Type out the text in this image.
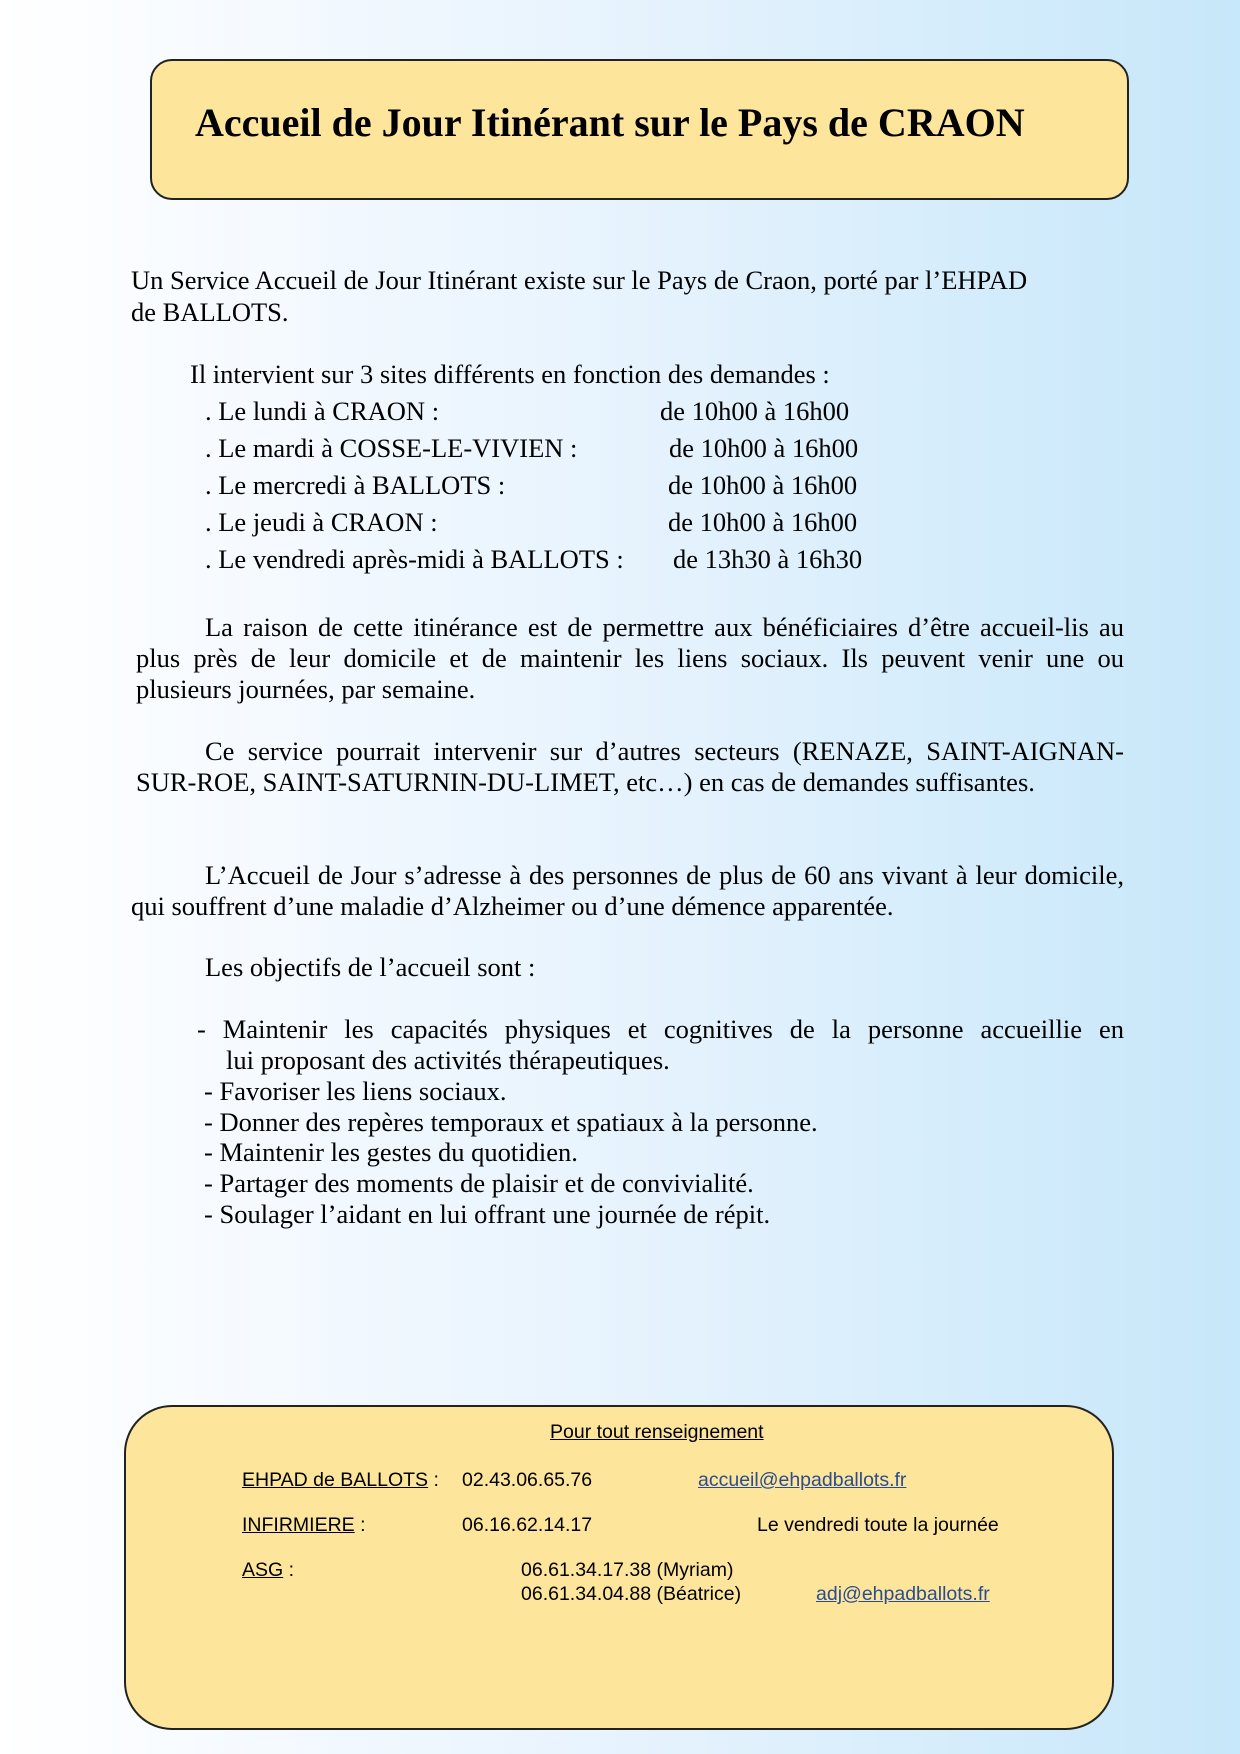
Accueil de Jour Itinérant sur le Pays de CRAON

Un Service Accueil de Jour Itinérant existe sur le Pays de Craon, porté par l’EHPAD

de BALLOTS.

Il intervient sur 3 sites différents en fonction des demandes :

. Le lundi à CRAON :	de 10h00 à 16h00
. Le mardi à COSSE-LE-VIVIEN :	de 10h00 à 16h00
. Le mercredi à BALLOTS :	de 10h00 à 16h00
. Le jeudi à CRAON :	de 10h00 à 16h00
. Le vendredi après-midi à BALLOTS : de 13h30 à 16h30

La raison de cette itinérance est de permettre aux bénéficiaires d’être accueil-lis au plus près de leur domicile et de maintenir les liens sociaux. Ils peuvent venir une ou plusieurs journées, par semaine.

Ce service pourrait intervenir sur d’autres secteurs (RENAZE, SAINT-AIGNAN-SUR-ROE, SAINT-SATURNIN-DU-LIMET, etc…) en cas de demandes suffisantes.

L’Accueil de Jour s’adresse à des personnes de plus de 60 ans vivant à leur domicile, qui souffrent d’une maladie d’Alzheimer ou d’une démence apparentée.

Les objectifs de l’accueil sont :

- Maintenir les capacités physiques et cognitives de la personne accueillie en

lui proposant des activités thérapeutiques.

- Favoriser les liens sociaux.

- Donner des repères temporaux et spatiaux à la personne.

- Maintenir les gestes du quotidien.

- Partager des moments de plaisir et de convivialité.

- Soulager l’aidant en lui offrant une journée de répit.

Pour tout renseignement
EHPAD de BALLOTS : 02.43.06.65.76	accueil@ehpadballots.fr
INFIRMIERE :	06.16.62.14.17	Le vendredi toute la journée
ASG :	06.61.34.17.38 (Myriam)
06.61.34.04.88 (Béatrice)	adj@ehpadballots.fr
